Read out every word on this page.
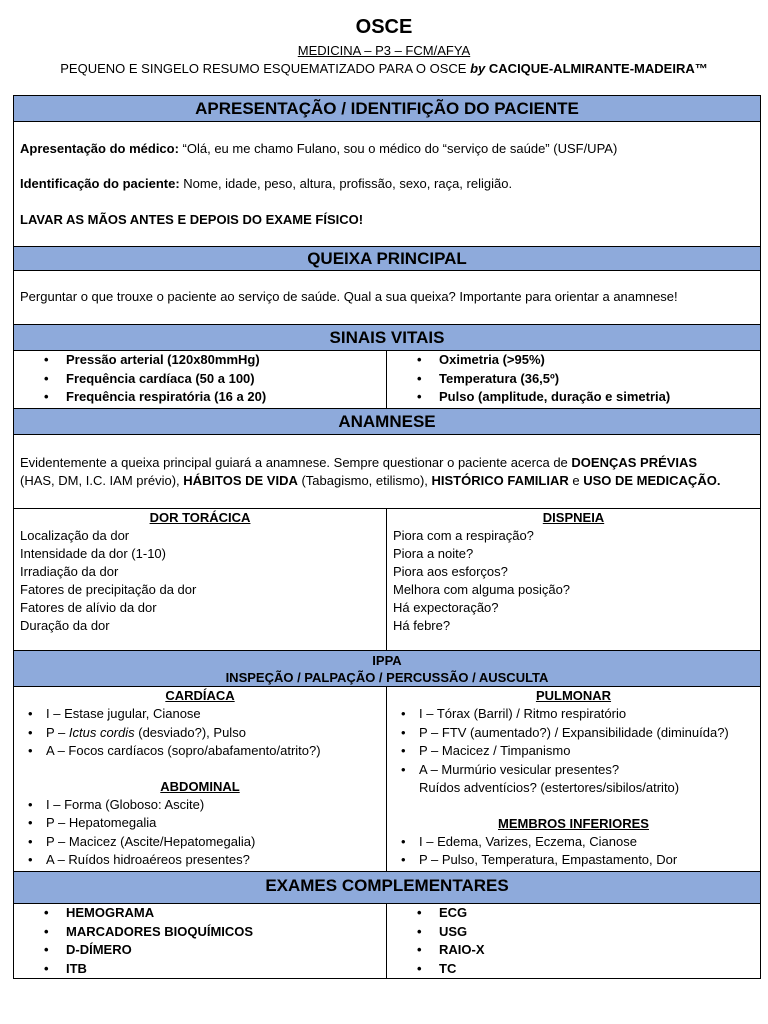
OSCE
MEDICINA – P3 – FCM/AFYA
PEQUENO E SINGELO RESUMO ESQUEMATIZADO PARA O OSCE by CACIQUE-ALMIRANTE-MADEIRA™
APRESENTAÇÃO / IDENTIFIÇÃO DO PACIENTE

Apresentação do médico: “Olá, eu me chamo Fulano, sou o médico do “serviço de saúde” (USF/UPA)

Identificação do paciente: Nome, idade, peso, altura, profissão, sexo, raça, religião.

LAVAR AS MÃOS ANTES E DEPOIS DO EXAME FÍSICO!

QUEIXA PRINCIPAL

Perguntar o que trouxe o paciente ao serviço de saúde. Qual a sua queixa? Importante para orientar a anamnese!

SINAIS VITAIS
• Pressão arterial (120x80mmHg)
• Frequência cardíaca (50 a 100)
• Frequência respiratória (16 a 20)
• Oximetria (>95%)
• Temperatura (36,5º)
• Pulso (amplitude, duração e simetria)
ANAMNESE

Evidentemente a queixa principal guiará a anamnese. Sempre questionar o paciente acerca de DOENÇAS PRÉVIAS
(HAS, DM, I.C. IAM prévio), HÁBITOS DE VIDA (Tabagismo, etilismo), HISTÓRICO FAMILIAR e USO DE MEDICAÇÃO.

DOR TORÁCICA
Localização da dor
Intensidade da dor (1-10)
Irradiação da dor
Fatores de precipitação da dor
Fatores de alívio da dor
Duração da dor
DISPNEIA
Piora com a respiração?
Piora a noite?
Piora aos esforços?
Melhora com alguma posição?
Há expectoração?
Há febre?
IPPA
INSPEÇÃO / PALPAÇÃO / PERCUSSÃO / AUSCULTA
CARDÍACA
• I – Estase jugular, Cianose
• P – Ictus cordis (desviado?), Pulso
• A – Focos cardíacos (sopro/abafamento/atrito?)
ABDOMINAL
• I – Forma (Globoso: Ascite)
• P – Hepatomegalia
• P – Macicez (Ascite/Hepatomegalia)
• A – Ruídos hidroaéreos presentes?
PULMONAR
• I – Tórax (Barril) / Ritmo respiratório
• P – FTV (aumentado?) / Expansibilidade (diminuída?)
• P – Macicez / Timpanismo
• A – Murmúrio vesicular presentes?
Ruídos adventícios? (estertores/sibilos/atrito)
MEMBROS INFERIORES
• I – Edema, Varizes, Eczema, Cianose
• P – Pulso, Temperatura, Empastamento, Dor
EXAMES COMPLEMENTARES
• HEMOGRAMA
• MARCADORES BIOQUÍMICOS
• D-DÍMERO
• ITB
• ECG
• USG
• RAIO-X
• TC
